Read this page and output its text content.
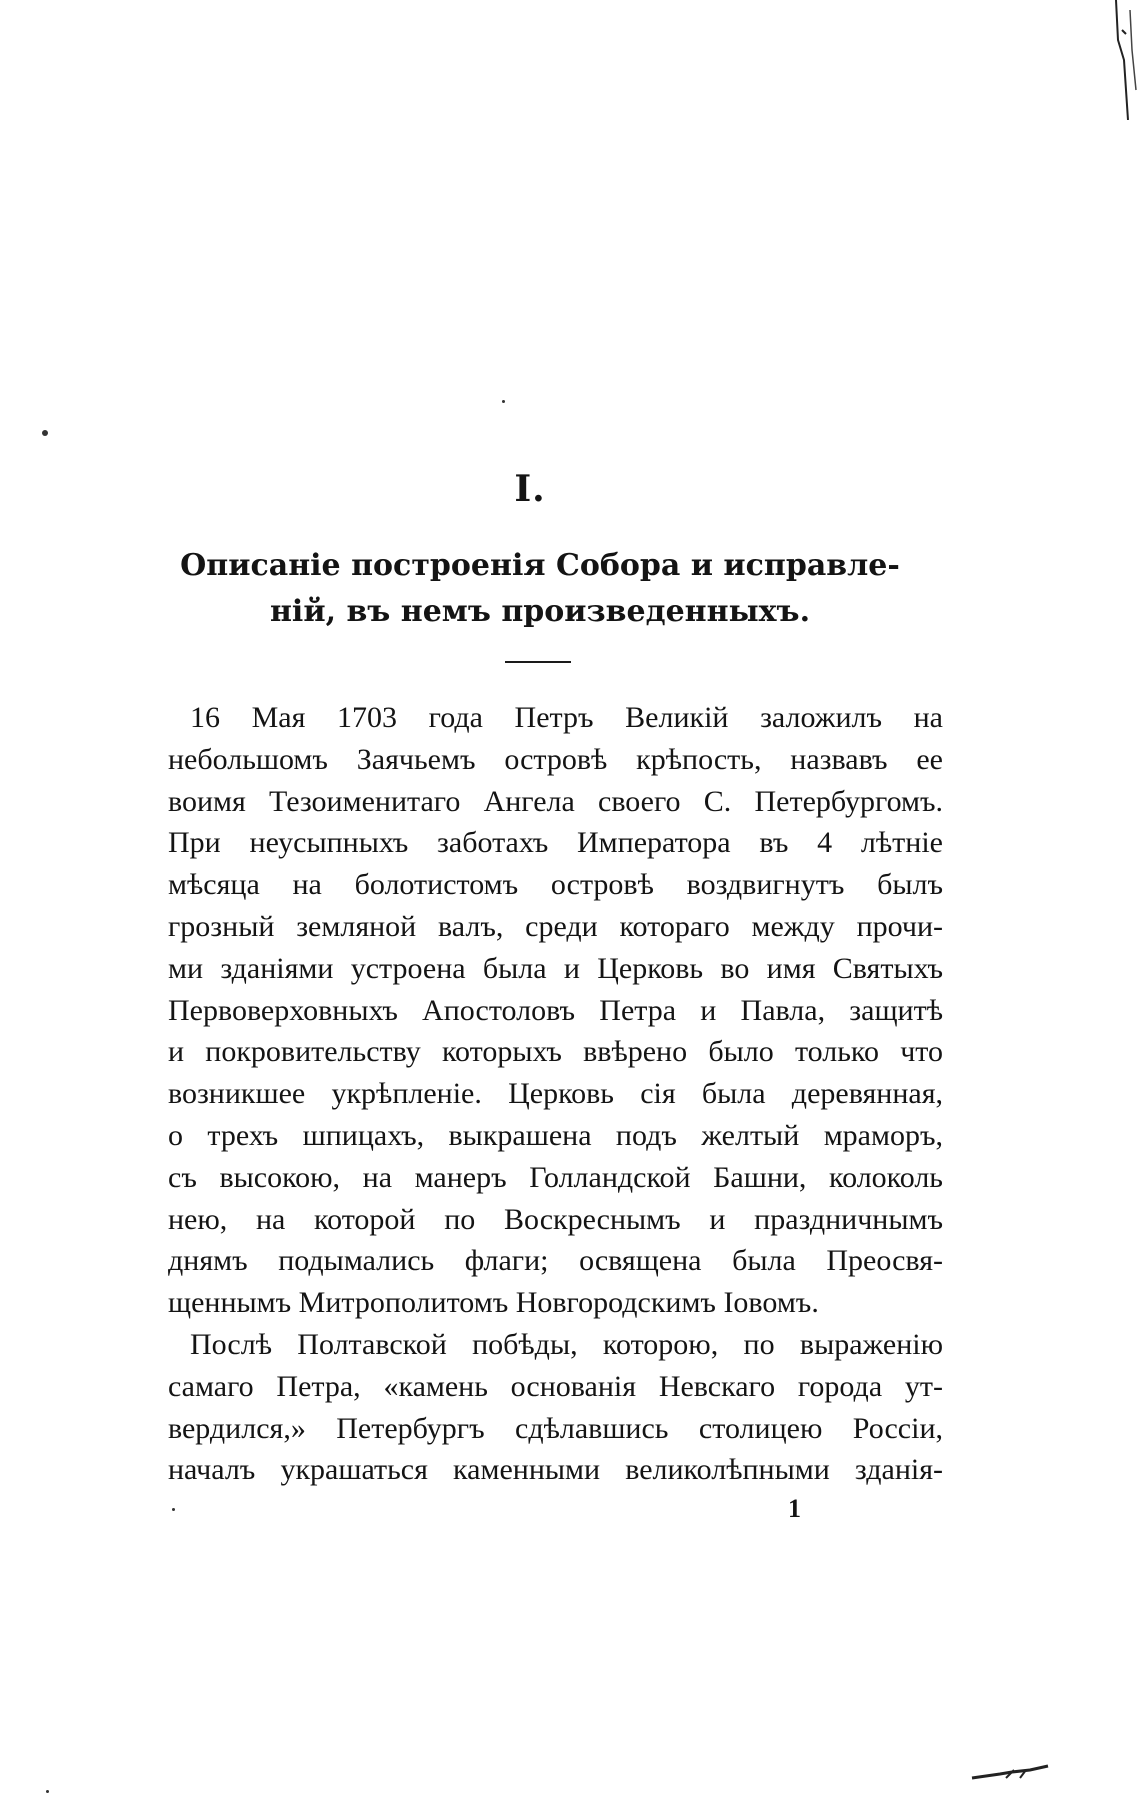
I.
Описаніе построенія Собора и исправле-
ній, въ немъ произведенныхъ.
16 Мая 1703 года Петръ Великій заложилъ на
небольшомъ Заячьемъ островѣ крѣпость, назвавъ ее
воимя Тезоименитаго Ангела своего С. Петербургомъ.
При неусыпныхъ заботахъ Императора въ 4 лѣтніе
мѣсяца на болотистомъ островѣ воздвигнутъ былъ
грозный земляной валъ, среди котораго между прочи-
ми зданіями устроена была и Церковь во имя Святыхъ
Первоверховныхъ Апостоловъ Петра и Павла, защитѣ
и покровительству которыхъ ввѣрено было только что
возникшее укрѣпленіе. Церковь сія была деревянная,
о трехъ шпицахъ, выкрашена подъ желтый мраморъ,
съ высокою, на манеръ Голландской Башни, колоколь
нею, на которой по Воскреснымъ и праздничнымъ
днямъ подымались флаги; освящена была Преосвя-
щеннымъ Митрополитомъ Новгородскимъ Іовомъ.
Послѣ Полтавской побѣды, которою, по выраженію
самаго Петра, «камень основанія Невскаго города ут-
вердился,» Петербургъ сдѣлавшись столицею Россіи,
началъ украшаться каменными великолѣпными зданія-
1
